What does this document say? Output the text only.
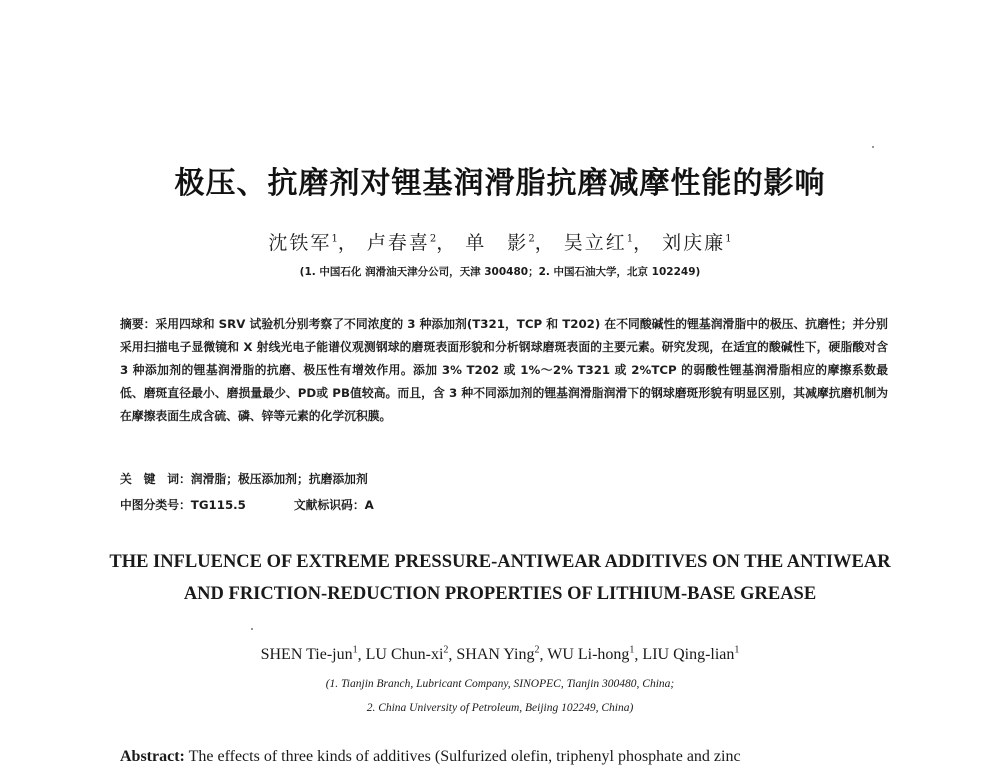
极压、抗磨剂对锂基润滑脂抗磨减摩性能的影响
沈铁军$^1$， 卢春喜$^2$， 单　影$^2$， 吴立红$^1$， 刘庆廉$^1$
(1. 中国石化 润滑油天津分公司，天津 300480；2. 中国石油大学，北京 102249)
摘要：采用四球和 SRV 试验机分别考察了不同浓度的 3 种添加剂(T321，TCP 和 T202) 在不同酸碱性的锂基润滑脂中的极压、抗磨性；并分别采用扫描电子显微镜和 X 射线光电子能谱仪观测钢球的磨斑表面形貌和分析钢球磨斑表面的主要元素。研究发现，在适宜的酸碱性下，硬脂酸对含 3 种添加剂的锂基润滑脂的抗磨、极压性有增效作用。添加 3% T202 或 1%～2% T321 或 2%TCP 的弱酸性锂基润滑脂相应的摩擦系数最低、磨斑直径最小、磨损量最少、PD或 PB值较高。而且，含 3 种不同添加剂的锂基润滑脂润滑下的钢球磨斑形貌有明显区别，其减摩抗磨机制为在摩擦表面生成含硫、磷、锌等元素的化学沉积膜。
关　键　词：润滑脂；极压添加剂；抗磨添加剂
中图分类号：TG115.5	文献标识码：A
THE INFLUENCE OF EXTREME PRESSURE-ANTIWEAR ADDITIVES ON THE ANTIWEAR
AND FRICTION-REDUCTION PROPERTIES OF LITHIUM-BASE GREASE
SHEN Tie-jun$^1$, LU Chun-$xi^2$, SHAN Ying$^2$, WU Li-hong$^1$, LIU Qing-lian$^1$
(1. Tianjin Branch, Lubricant Company, SINOPEC, Tianjin 300480, China;
2. China University of Petroleum, Beijing 102249, China)
Abstract: The effects of three kinds of additives (Sulfurized olefin, triphenyl phosphate and zinc
